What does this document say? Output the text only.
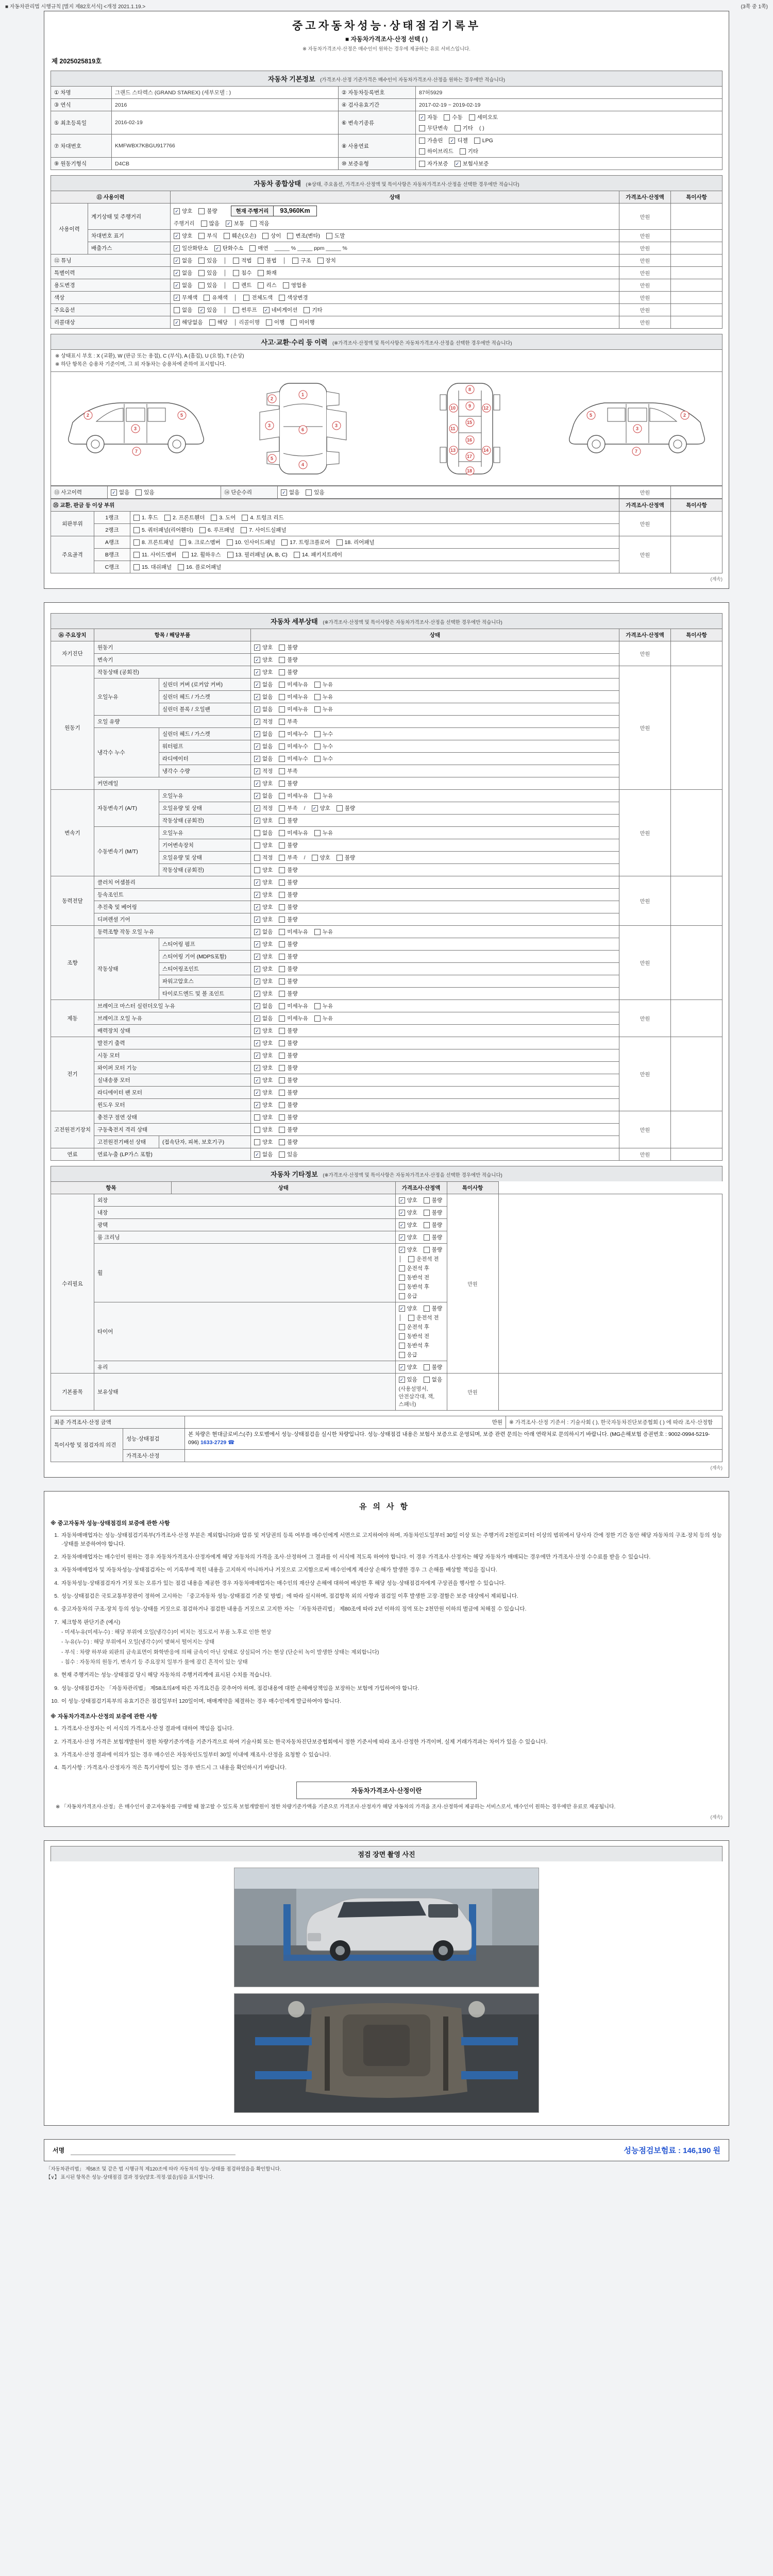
■ 자동차관리법 시행규칙 [별지 제82호서식] <개정 2021.1.19.>	(3쪽 중 1쪽)
중고자동차성능·상태점검기록부
■ 자동차가격조사·산정 선택 ( )
※ 자동차가격조사·산정은 매수인이 원하는 경우에 제공하는 유료 서비스입니다.
제 2025025819호
자동차 기본정보 (가격조사·산정 기준가격은 매수인이 자동차가격조사·산정을 원하는 경우에만 적습니다)
① 차명	그랜드 스타렉스 (GRAND STAREX) (세부모델 : )	② 자동차등록번호	87허5929

③ 연식	2016	④ 검사유효기간	2017-02-19 ~ 2019-02-19

⑤ 최초등록일	2016-02-19	⑥ 변속기종류	
✓ 자동	수동	세미오토
무단변속	기타 ( )

⑦ 차대번호	KMFWBX7KBGU917766	⑧ 사용연료	
가솔린 ✓ 디젤	LPG
하이브리드	기타

⑨ 원동기형식	D4CB	⑩ 보증유형	자가보증 ✓ 보험사보증
자동차 종합상태 (※상태, 주요옵션, 가격조사·산정액 및 특이사항은 자동차가격조사·산정을 선택한 경우에만 적습니다)
⑪ 사용이력		상태	가격조사·산정액	특이사항
사용이력	계기상태 및 주행거리	
✓ 양호	불량	현재 주행거리	93,960Km
주행거리	많음 ✓ 보통	적음
	만원	
차대번호 표기	✓ 양호	부식	훼손(오손)	상이	변조(변타)	도말	만원	
배출가스	✓ 일산화탄소 ✓ 탄화수소	매연 _____ % _____ ppm _____ %	만원	
⑫ 튜닝	✓ 없음	있음 │	적법	불법 │	구조	장치	만원	
특별이력	✓ 없음	있음 │	침수	화재	만원	
용도변경	✓ 없음	있음 │	렌트	리스	영업용	만원	
색상	✓ 무채색	유채색 │	전체도색	색상변경	만원	
주요옵션	없음 ✓ 있음 │	썬루프 ✓ 네비게이션	기타	만원	
리콜대상	✓ 해당없음	해당 │ 리콜이행	이행	미이행	만원	
사고·교환·수리 등 이력 (※가격조사·산정액 및 특이사항은 자동차가격조사·산정을 선택한 경우에만 적습니다)
※ 상태표시 부호 : X (교환), W (판금 또는 용접), C (부식), A (흠집), U (요철), T (손상)
※ 하단 항목은 승용차 기준이며, 그 외 자동차는 승용차에 준하여 표시합니다.
2
3
5
7
1
6
4
3	3
2
5
8
9
15
16
17
18
11
12
14
10
13
2
3
5
7
⑬ 사고이력	✓ 없음	있음	⑭ 단순수리	✓ 없음	있음	만원	
⑮ 교환, 판금 등 이상 부위			가격조사·산정액	특이사항
외판부위	1랭크	1. 후드 2. 프론트휀더 3. 도어 4. 트렁크 리드	만원	
	2랭크	5. 쿼터패널(리어휀더) 6. 루프패널 7. 사이드실패널		

주요골격	A랭크	8. 프론트패널 9. 크로스멤버 10. 인사이드패널 17. 트렁크플로어 18. 리어패널	만원	
	B랭크	11. 사이드멤버 12. 휠하우스 13. 필러패널 (A, B, C) 14. 패키지트레이		

	C랭크	15. 대쉬패널 16. 플로어패널		
(계속)
자동차 세부상태 (※가격조사·산정액 및 특이사항은 자동차가격조사·산정을 선택한 경우에만 적습니다)
⑯ 주요장치	항목 / 해당부품		상태	가격조사·산정액	특이사항
자기진단	원동기		✓ 양호 불량	만원	
	변속기		✓ 양호 불량		

원동기	작동상태 (공회전)		✓ 양호 불량	만원	
	오일누유	실린더 커버 (로커암 커버)	✓ 없음 미세누유 누유		

		실린더 헤드 / 가스켓	✓ 없음 미세누유 누유		

		실린더 블록 / 오일팬	✓ 없음 미세누유 누유		

	오일 유량		✓ 적정 부족		

	냉각수 누수	실린더 헤드 / 가스켓	✓ 없음 미세누수 누수		

		워터펌프	✓ 없음 미세누수 누수		

		라디에이터	✓ 없음 미세누수 누수		

		냉각수 수량	✓ 적정 부족		

	커먼레일		✓ 양호 불량		

변속기	자동변속기 (A/T)	오일누유	✓ 없음 미세누유 누유	만원	
오일유량 및 상태	✓ 적정	부족 / ✓ 양호	불량

		작동상태 (공회전)	✓ 양호 불량		

	수동변속기 (M/T)	오일누유	없음 미세누유 누유		

		기어변속장치	양호 불량		

		오일유량 및 상태	적정 부족 / 양호 불량		

		작동상태 (공회전)	양호 불량		

동력전달	클러치 어셈블리		✓ 양호 불량	만원	
	등속조인트		✓ 양호 불량		

	추진축 및 베어링		✓ 양호 불량		

	디퍼렌셜 기어		✓ 양호 불량		

조향	동력조향 작동 오일 누유		✓ 없음 미세누유 누유	만원	
	작동상태	스티어링 펌프	✓ 양호 불량		

		스티어링 기어 (MDPS포함)	✓ 양호 불량		

		스티어링조인트	✓ 양호 불량		

		파워고압호스	✓ 양호 불량		

		타이로드엔드 및 볼 조인트	✓ 양호 불량		

제동	브레이크 마스터 실린더오일 누유		✓ 없음 미세누유 누유	만원	
	브레이크 오일 누유		✓ 없음 미세누유 누유		

	배력장치 상태		✓ 양호 불량		

전기	발전기 출력		✓ 양호 불량	만원	
	시동 모터		✓ 양호 불량		

	와이퍼 모터 기능		✓ 양호 불량		

	실내송풍 모터		✓ 양호 불량		

	라디에이터 팬 모터		✓ 양호 불량		

	윈도우 모터		✓ 양호 불량		

고전원전기장치	충전구 절연 상태		양호 불량	만원	
	구동축전지 격리 상태		양호 불량		

	고전원전기배선 상태	(접속단자, 피복, 보호기구)	양호 불량		

연료	연료누출 (LP가스 포함)		✓ 없음 있음	만원	
자동차 기타정보 (※가격조사·산정액 및 특이사항은 자동차가격조사·산정을 선택한 경우에만 적습니다)
항목		상태	가격조사·산정액	특이사항	
수리필요	외장		✓ 양호 불량	만원	
	내장		✓ 양호 불량		

	광택		✓ 양호 불량		

	룸 크리닝		✓ 양호 불량		

휠	
✓ 양호	불량
│	운전석 전
운전석 후
동반석 전
동반석 후
응급

타이어	
✓ 양호	불량
│	운전석 전
운전석 후
동반석 전
동반석 후
응급

	유리		✓ 양호 불량		

기본품목	보유상태		✓ 있음 없음
(사용설명서, 안전삼각대, 잭, 스패너)	만원	
최종 가격조사·산정 금액		만원	※ 가격조사·산정 기준서 : 기술사회 ( ), 한국자동차진단보증협회 ( ) 에 따라 조사·산정함
특이사항 및 점검자의 의견	성능·상태점검	본 차량은 현대글로비스(주) 오토벨에서 성능·상태점검을 실시한 차량입니다. 성능·상태점검 내용은 보험사 보증으로 운영되며, 보증 관련 문의는 아래 연락처로 문의하시기 바랍니다. (MG손해보험 증권번호 : 9002-0994-5219-096) 1633-2729 ☎	
	가격조사·산정		
(계속)
유의사항
※ 중고자동차 성능·상태점검의 보증에 관한 사항
1. 자동차매매업자는 성능·상태점검기록부(가격조사·산정 부분은 제외합니다)와 압류 및 저당권의 등록 여부를 매수인에게 서면으로 고지하여야 하며, 자동차인도일부터 30일 이상 또는 주행거리 2천킬로미터 이상의 범위에서 당사자 간에 정한 기간 동안 해당 자동차의 구조·장치 등의 성능·상태를 보증하여야 합니다.
2. 자동차매매업자는 매수인이 원하는 경우 자동차가격조사·산정자에게 해당 자동차의 가격을 조사·산정하여 그 결과를 이 서식에 적도록 하여야 합니다. 이 경우 가격조사·산정자는 해당 자동차가 매매되는 경우에만 가격조사·산정 수수료를 받을 수 있습니다.
3. 자동차매매업자 및 자동차성능·상태점검자는 이 기록부에 적힌 내용을 고지하지 아니하거나 거짓으로 고지함으로써 매수인에게 재산상 손해가 발생한 경우 그 손해를 배상할 책임을 집니다.
4. 자동차성능·상태점검자가 거짓 또는 오류가 있는 점검 내용을 제공한 경우 자동차매매업자는 매수인의 재산상 손해에 대하여 배상한 후 해당 성능·상태점검자에게 구상권을 행사할 수 있습니다.
5. 성능·상태점검은 국토교통부장관이 정하여 고시하는 「중고자동차 성능·상태점검 기준 및 방법」에 따라 실시하며, 점검항목 외의 사항과 점검일 이후 발생한 고장·결함은 보증 대상에서 제외됩니다.
6. 중고자동차의 구조·장치 등의 성능·상태를 거짓으로 점검하거나 점검한 내용을 거짓으로 고지한 자는 「자동차관리법」 제80조에 따라 2년 이하의 징역 또는 2천만원 이하의 벌금에 처해질 수 있습니다.
7. 체크항목 판단기준 (예시)
- 미세누유(미세누수) : 해당 부위에 오일(냉각수)이 비치는 정도로서 부품 노후로 인한 현상
- 누유(누수) : 해당 부위에서 오일(냉각수)이 맺혀서 떨어지는 상태
- 부식 : 차량 하부와 외판의 금속표면이 화학반응에 의해 금속이 아닌 상태로 상실되어 가는 현상 (단순히 녹이 발생한 상태는 제외합니다)
- 침수 : 자동차의 원동기, 변속기 등 주요장치 일부가 물에 잠긴 흔적이 있는 상태
8. 현재 주행거리는 성능·상태점검 당시 해당 자동차의 주행거리계에 표시된 수치를 적습니다.
9. 성능·상태점검자는 「자동차관리법」 제58조의4에 따른 자격요건을 갖추어야 하며, 점검내용에 대한 손해배상책임을 보장하는 보험에 가입하여야 합니다.
10. 이 성능·상태점검기록부의 유효기간은 점검일부터 120일이며, 매매계약을 체결하는 경우 매수인에게 발급하여야 합니다.
※ 자동차가격조사·산정의 보증에 관한 사항
1. 가격조사·산정자는 이 서식의 가격조사·산정 결과에 대하여 책임을 집니다.
2. 가격조사·산정 가격은 보험개발원이 정한 차량기준가액을 기준가격으로 하여 기술사회 또는 한국자동차진단보증협회에서 정한 기준서에 따라 조사·산정한 가격이며, 실제 거래가격과는 차이가 있을 수 있습니다.
3. 가격조사·산정 결과에 이의가 있는 경우 매수인은 자동차인도일부터 30일 이내에 재조사·산정을 요청할 수 있습니다.
4. 특기사항 : 가격조사·산정자가 적은 특기사항이 있는 경우 반드시 그 내용을 확인하시기 바랍니다.
자동차가격조사·산정이란
※ 「자동차가격조사·산정」은 매수인이 중고자동차를 구매할 때 참고할 수 있도록 보험개발원이 정한 차량기준가액을 기준으로 가격조사·산정자가 해당 자동차의 가격을 조사·산정하여 제공하는 서비스로서, 매수인이 원하는 경우에만 유료로 제공됩니다.
(계속)
점검 장면 촬영 사진
서명	성능점검보험료 : 146,190 원
「자동차관리법」 제58조 및 같은 법 시행규칙 제120조에 따라 자동차의 성능·상태를 점검하였음을 확인합니다.
【∨】 표시된 항목은 성능·상태점검 결과 정상(양호·적정·없음)임을 표시합니다.
